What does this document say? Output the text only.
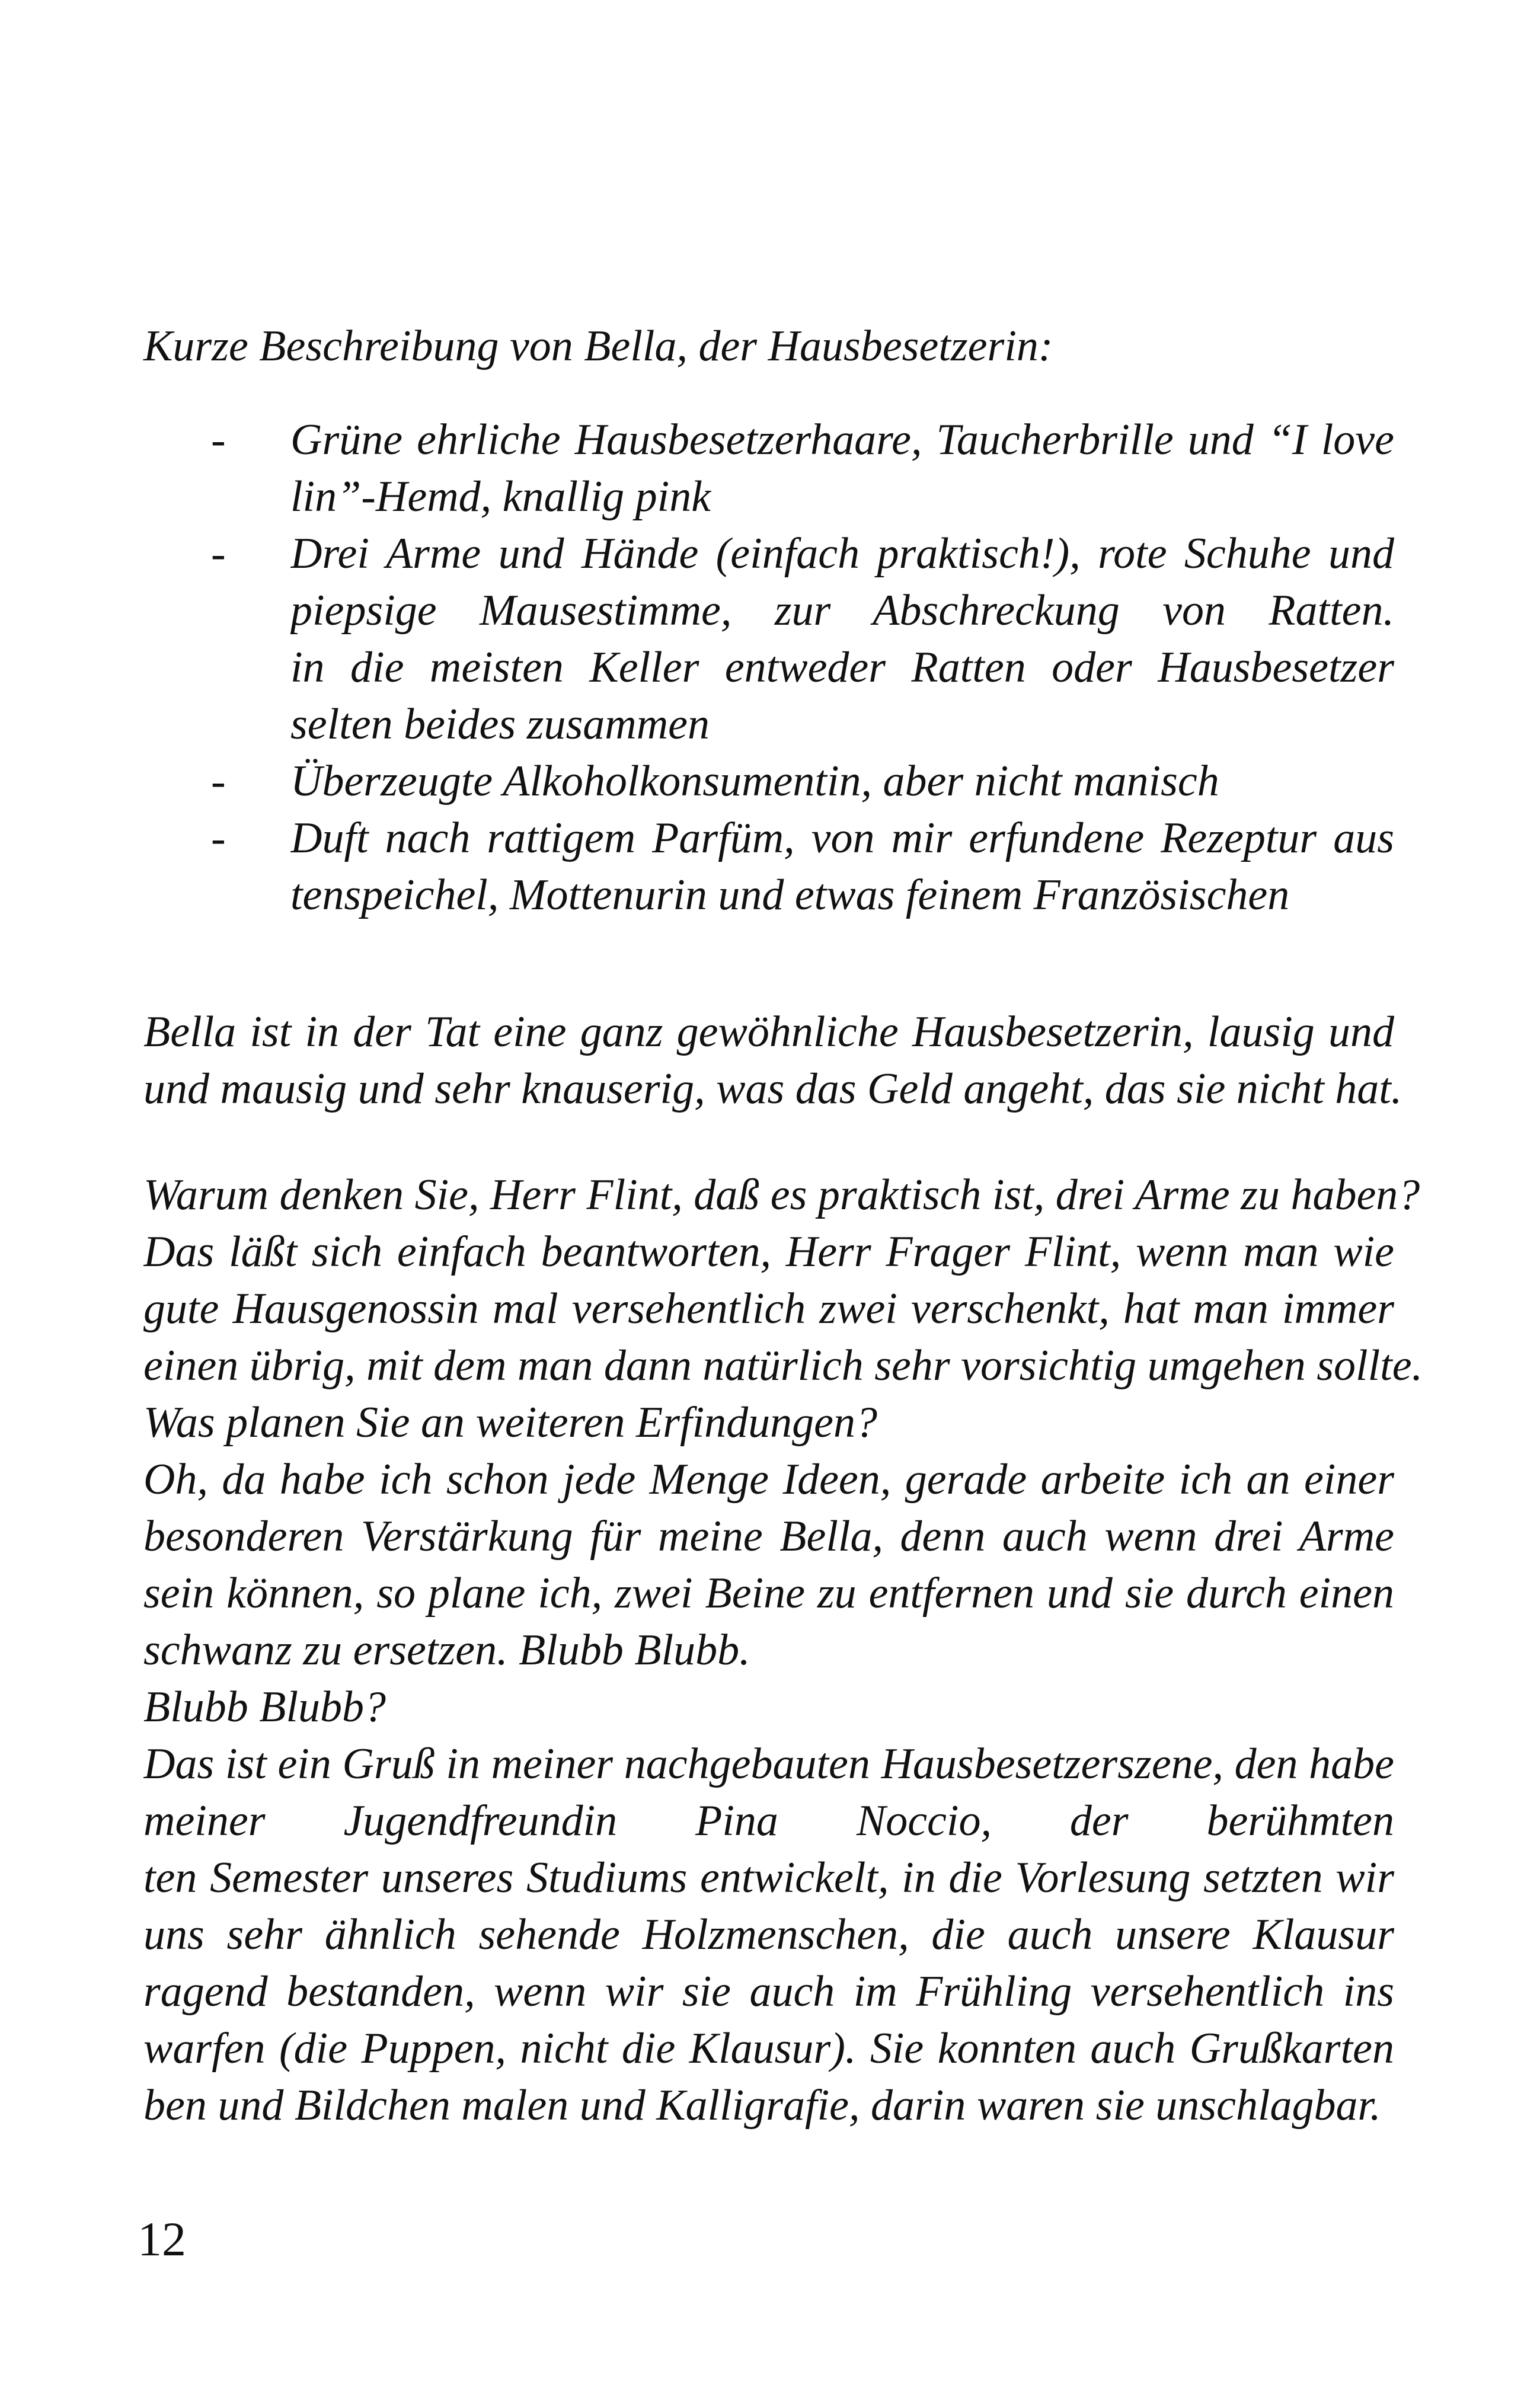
Kurze Beschreibung von Bella, der Hausbesetzerin:
- Grüne ehrliche Hausbesetzerhaare, Taucherbrille und “I love
lin”-Hemd, knallig pink
- Drei Arme und Hände (einfach praktisch!), rote Schuhe und
piepsige Mausestimme, zur Abschreckung von Ratten.
in die meisten Keller entweder Ratten oder Hausbesetzer
selten beides zusammen
- Überzeugte Alkoholkonsumentin, aber nicht manisch
- Duft nach rattigem Parfüm, von mir erfundene Rezeptur aus
tenspeichel, Mottenurin und etwas feinem Französischen
Bella ist in der Tat eine ganz gewöhnliche Hausbesetzerin, lausig und
und mausig und sehr knauserig, was das Geld angeht, das sie nicht hat.
Warum denken Sie, Herr Flint, daß es praktisch ist, drei Arme zu haben?
Das läßt sich einfach beantworten, Herr Frager Flint, wenn man wie
gute Hausgenossin mal versehentlich zwei verschenkt, hat man immer
einen übrig, mit dem man dann natürlich sehr vorsichtig umgehen sollte.
Was planen Sie an weiteren Erfindungen?
Oh, da habe ich schon jede Menge Ideen, gerade arbeite ich an einer
besonderen Verstärkung für meine Bella, denn auch wenn drei Arme
sein können, so plane ich, zwei Beine zu entfernen und sie durch einen
schwanz zu ersetzen. Blubb Blubb.
Blubb Blubb?
Das ist ein Gruß in meiner nachgebauten Hausbesetzerszene, den habe
meiner Jugendfreundin Pina Noccio, der berühmten
ten Semester unseres Studiums entwickelt, in die Vorlesung setzten wir
uns sehr ähnlich sehende Holzmenschen, die auch unsere Klausur
ragend bestanden, wenn wir sie auch im Frühling versehentlich ins
warfen (die Puppen, nicht die Klausur). Sie konnten auch Grußkarten
ben und Bildchen malen und Kalligrafie, darin waren sie unschlagbar.
12
